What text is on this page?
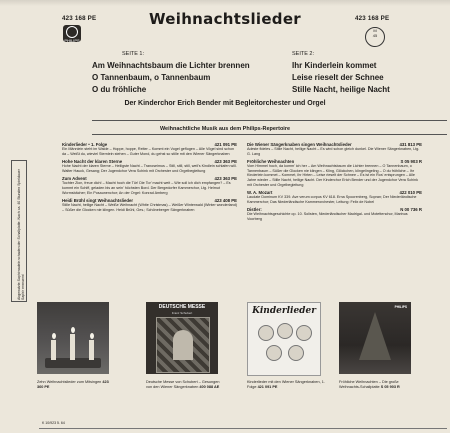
423 168 PE	423 168 PE
PHILIPS
Weihnachtslieder
M
45
SEITE 1:
Am Weihnachtsbaum die Lichter brennen
O Tannenbaum, o Tannenbaum
O du fröhliche
SEITE 2:
Ihr Kinderlein kommet
Leise rieselt der Schnee
Stille Nacht, heilige Nacht
Der Kinderchor Erich Bender mit Begleitorchester und Orgel
Weihnachtliche Musik aus dem Philips-Repertoire
Abgenutzte Saphirnadeln schaden der Schallplatte. Nach ca. 40 Stunden Spieldauer Saphir erneuern!
Kinderlieder • 1. Folge	421 091 PE
Ein Männlein steht im Walde – Hoppe, hoppe, Reiter – Kommt ein Vogel geflogen – Alle Vögel sind schon da – Weißt du, wieviel Sternlein stehen – Guter Mond, du gehst so stille mit den Wiener Sängerknaben
Hohe Nacht der klaren Sterne	423 363 PE
Hohe Nacht der klaren Sterne – Heiligste Nacht – Tranoseimus – Still, still, still, weil's Kindlein schlafen will. Walter Hauck, Gesang; Der Jugendchor Vera Schink mit Orchester und Orgelbegleitung
Zum Advent	423 363 PE
Tochter Zion, freue dich! – Macht hoch die Tür! Die Tor' macht weit – Wie soll ich dich empfangen? – Es kommt ein Schiff, geladen bis an sein' höchsten Bord. Der Bergedorfer Kammerchor, Ltg. Helmut Wormsbächer; Ein Posaunenchor; An der Orgel: Konrad Amberg
Heidi Brühl singt Weihnachtslieder	423 408 PE
Stille Nacht, heilige Nacht – Weiße Weihnacht (White Christmas) – Weißer Winterwald (Winter wonderland) – Süßer die Glocken nie klingen. Heidi Brühl, Ges.; Schöneberger Sängerknaben
Die Wiener Sängerknaben singen Weihnachtslieder	431 813 PE
Adeste fideles – Stille Nacht, heilige Nacht – Es wird schon gleich dunkel. Die Wiener Sängerknaben, Ltg. G. Lang
Fröhliche Weihnachten	S 05 903 R
Vom Himmel hoch, da komm' ich her – Am Weihnachtsbaum die Lichter brennen – O Tannenbaum, o Tannenbaum – Süßer die Glocken nie klingen – Kling, Glöckchen, klingelingeling – O du fröhliche – Ihr Kinderlein kommet – Kommet, ihr Hirten – Leise rieselt der Schnee – Es ist ein Ros' entsprungen – Alle Jahre wieder – Stille Nacht, heilige Nacht. Der Kinderchor Erich Bender und der Jugendchor Vera Schink mit Orchester und Orgelbegleitung
W. A. Mozart	422 010 PE
Laudate Dominum KV 339. Ave verum corpus KV 618. Erna Spoorenberg, Sopran; Der Niederländische Kammerchor; Das Niederländische Kammerorchester, Leitung: Felix de Nobel
Distler:	N 00 736 R
Die Weihnachtsgeschichte op. 10. Solisten, Niederländischer Madrigal- und Motettenchor, Marinus Voorberg
DEUTSCHE MESSE
Franz Schubert	Kinderlieder	PHILIPS
Zehn Weihnachtslieder zum Mitsingen 423 360 PE
Deutsche Messe von Schubert – Gesungen von den Wiener Sängerknaben 400 088 AE
Kinderlieder mit den Wiener Sängerknaben, 1. Folge 421 091 PE
Fröhliche Weihnachten – Die große Weihnachts-Schallplatte S 05 903 R
K 10/923 5. 64
